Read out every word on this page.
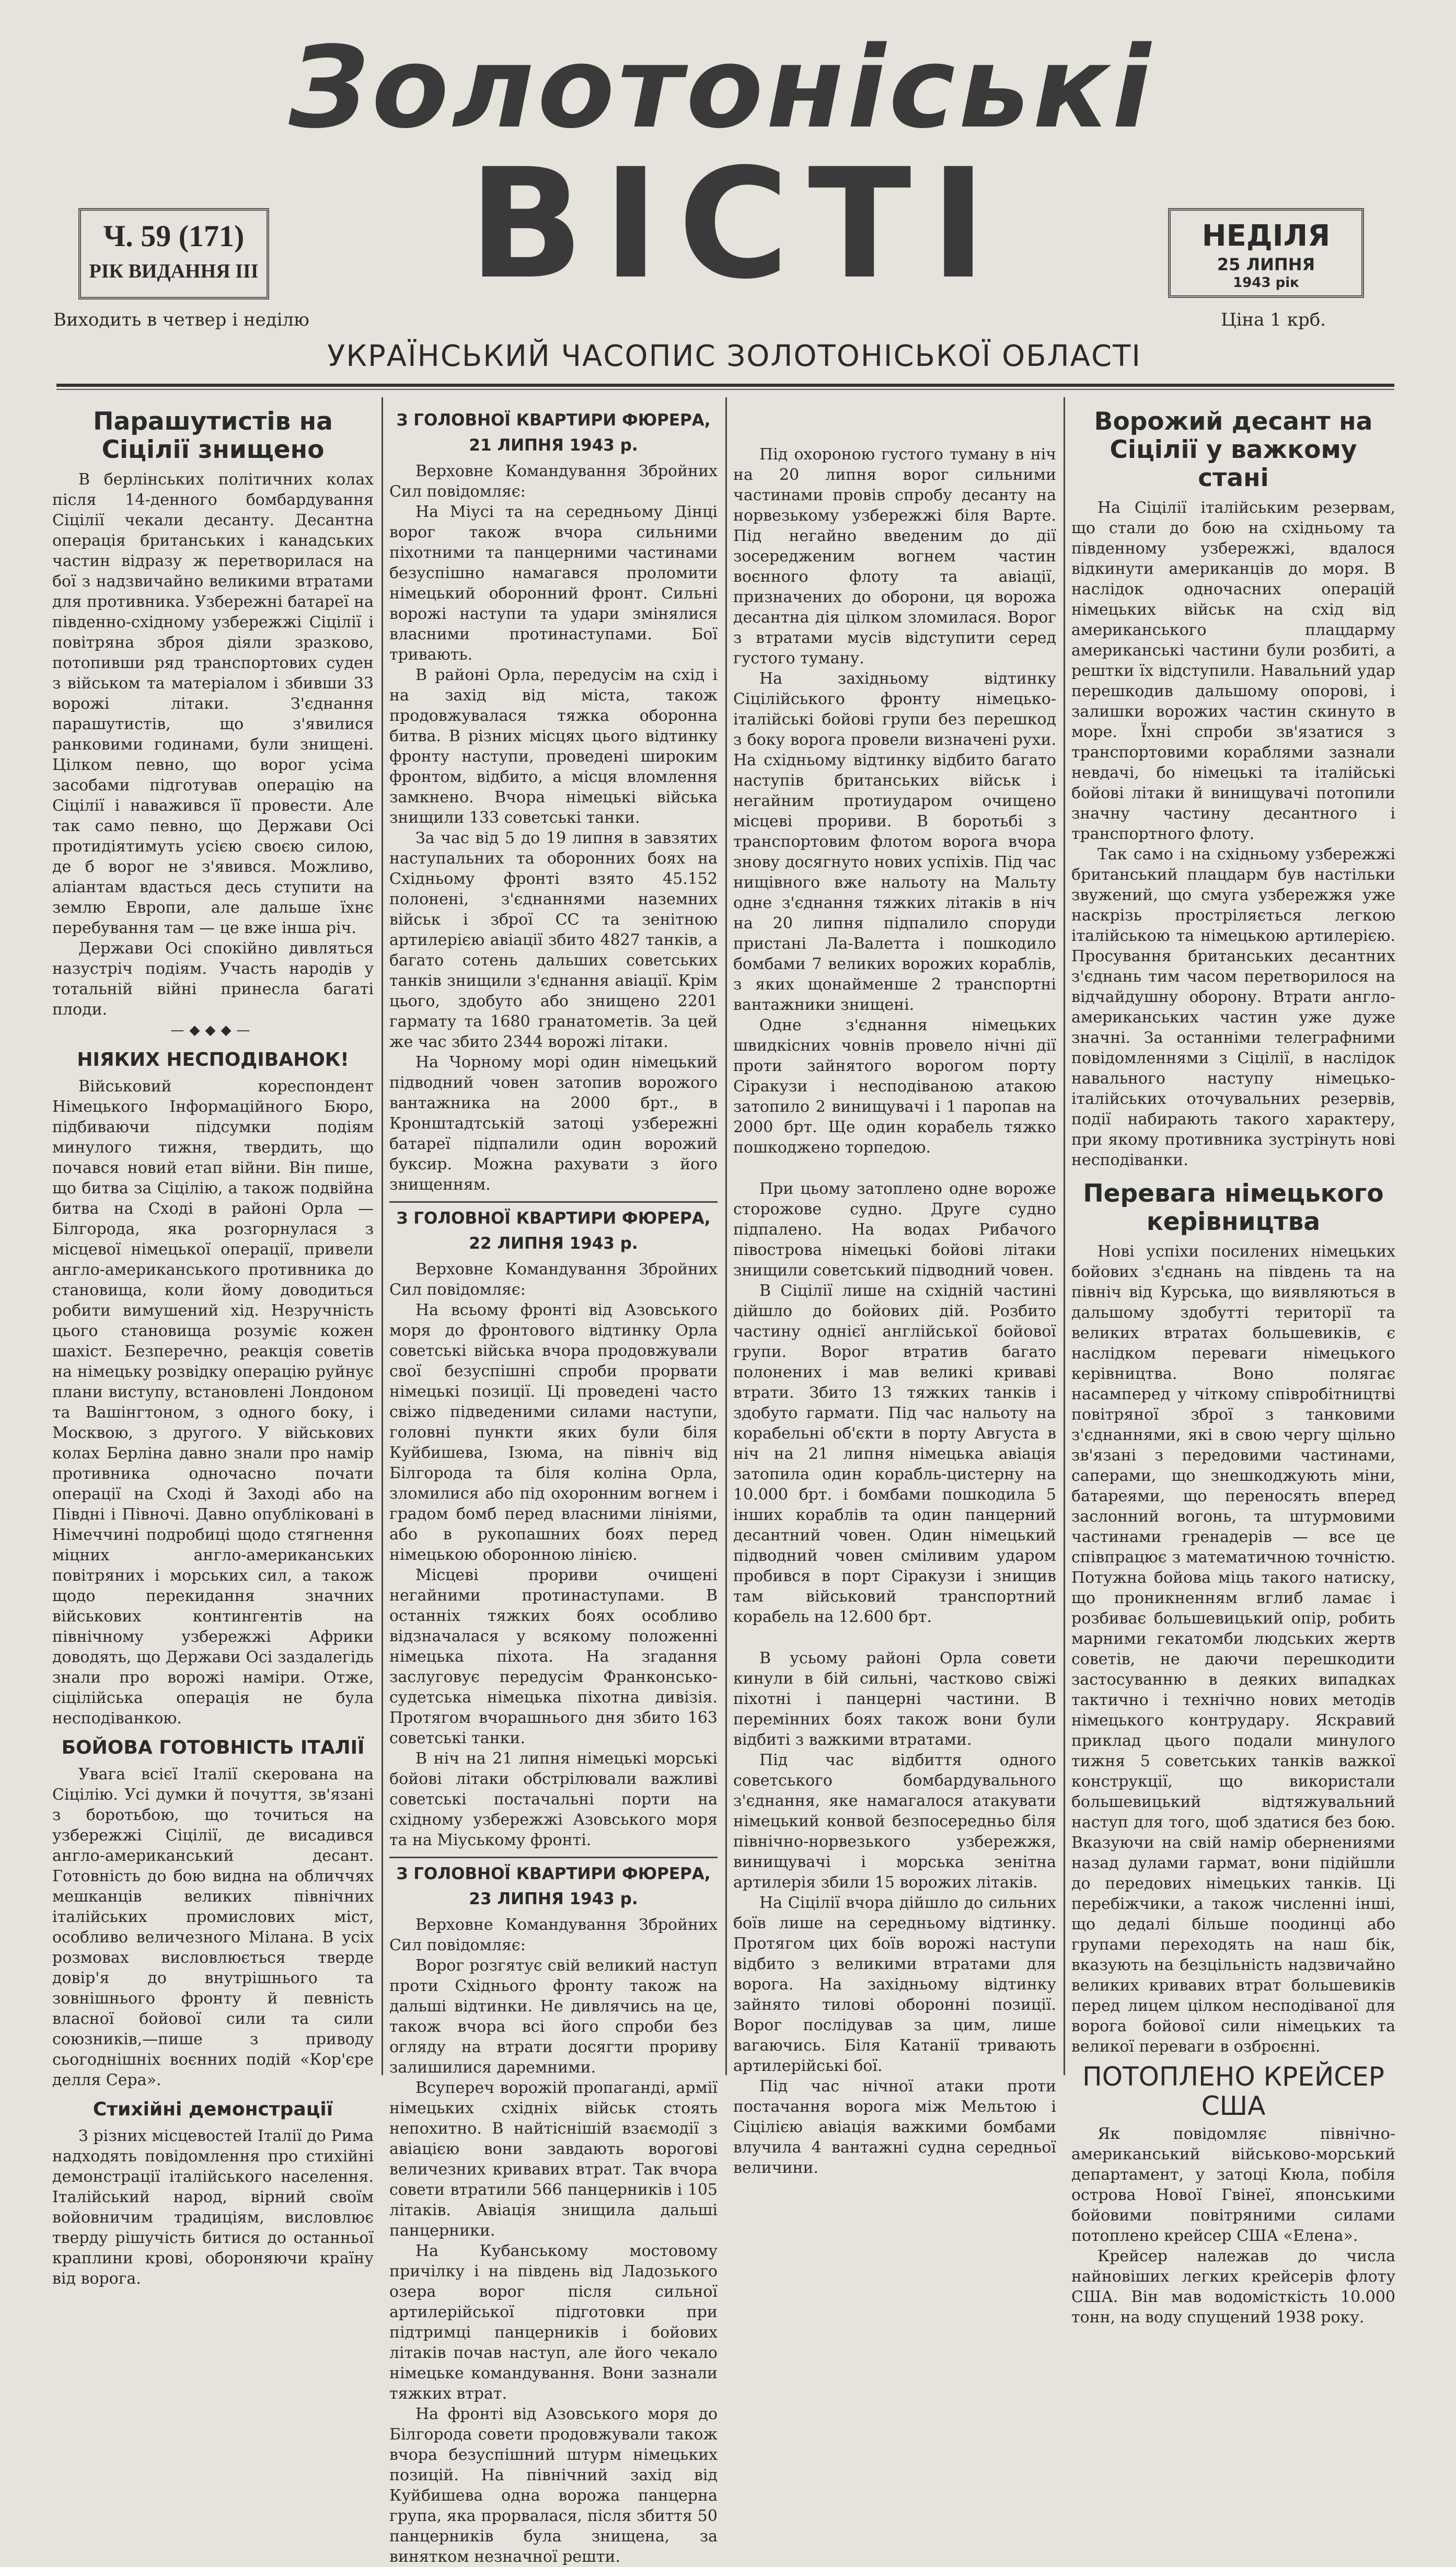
Золотоніські
ВІСТІ
Ч. 59 (171)
РІК ВИДАННЯ III
НЕДІЛЯ
25 ЛИПНЯ
1943 рік
Виходить в четвер і неділю	Ціна 1 крб.
УКРАЇНСЬКИЙ ЧАСОПИС ЗОЛОТОНІСЬКОЇ ОБЛАСТІ
Парашутистів на Сіцілії знищено

В берлінських політичних колах після 14-денного бомбардування Сіцілії чекали десанту. Десантна операція британських і канадських частин відразу ж перетворилася на бої з надзвичайно великими втратами для противника. Узбережні батареї на південно-східному узбережжі Сіцілії і повітряна зброя діяли зразково, потопивши ряд транспортових суден з військом та матеріалом і збивши 33 ворожі літаки. З'єднання парашутистів, що з'явилися ранковими годинами, були знищені. Цілком певно, що ворог усіма засобами підготував операцію на Сіцілії і наважився її провести. Але так само певно, що Держави Осі протидіятимуть усією своєю силою, де б ворог не з'явився. Можливо, аліантам вдасться десь ступити на землю Европи, але дальше їхнє перебування там — це вже інша річ.

Держави Осі спокійно дивляться назустріч подіям. Участь народів у тотальній війні принесла багаті плоди.

—◆◆◆—
НІЯКИХ НЕСПОДІВАНОК!

Військовий кореспондент Німецького Інформаційного Бюро, підбиваючи підсумки подіям минулого тижня, твердить, що почався новий етап війни. Він пише, що битва за Сіцілію, а також подвійна битва на Сході в районі Орла — Білгорода, яка розгорнулася з місцевої німецької операції, привели англо-американського противника до становища, коли йому доводиться робити вимушений хід. Незручність цього становища розуміє кожен шахіст. Безперечно, реакція советів на німецьку розвідку операцію руйнує плани виступу, встановлені Лондоном та Вашінгтоном, з одного боку, і Москвою, з другого. У військових колах Берліна давно знали про намір противника одночасно почати операції на Сході й Заході або на Півдні і Півночі. Давно опубліковані в Німеччині подробиці щодо стягнення міцних англо-американських повітряних і морських сил, а також щодо перекидання значних військових контингентів на північному узбережжі Африки доводять, що Держави Осі заздалегідь знали про ворожі наміри. Отже, сіцілійська операція не була несподіванкою.

БОЙОВА ГОТОВНІСТЬ ІТАЛІЇ

Увага всієї Італії скерована на Сіцілію. Усі думки й почуття, зв'язані з боротьбою, що точиться на узбережжі Сіцілії, де висадився англо-американський десант. Готовність до бою видна на обличчях мешканців великих північних італійських промислових міст, особливо величезного Мілана. В усіх розмовах висловлюється тверде довір'я до внутрішнього та зовнішнього фронту й певність власної бойової сили та сили союзників,—пише з приводу сьогоднішніх воєнних подій «Кор'єре делля Сера».

Стихійні демонстрації

З різних місцевостей Італії до Рима надходять повідомлення про стихійні демонстрації італійського населення. Італійський народ, вірний своїм войовничим традиціям, висловлює тверду рішучість битися до останньої краплини крові, обороняючи країну від ворога.

З ГОЛОВНОЇ КВАРТИРИ ФЮРЕРА, 21 ЛИПНЯ 1943 р.

Верховне Командування Збройних Сил повідомляє:

На Міусі та на середньому Дінці ворог також вчора сильними піхотними та панцерними частинами безуспішно намагався проломити німецький оборонний фронт. Сильні ворожі наступи та удари змінялися власними протинаступами. Бої тривають.

В районі Орла, передусім на схід і на захід від міста, також продовжувалася тяжка оборонна битва. В різних місцях цього відтинку фронту наступи, проведені широким фронтом, відбито, а місця вломлення замкнено. Вчора німецькі війська знищили 133 советські танки.

За час від 5 до 19 липня в завзятих наступальних та оборонних боях на Східньому фронті взято 45.152 полонені, з'єднаннями наземних військ і зброї СС та зенітною артилерією авіації збито 4827 танків, а багато сотень дальших советських танків знищили з'єднання авіації. Крім цього, здобуто або знищено 2201 гармату та 1680 гранатометів. За цей же час збито 2344 ворожі літаки.

На Чорному морі один німецький підводний човен затопив ворожого вантажника на 2000 брт., в Кронштадтській затоці узбережні батареї підпалили один ворожий буксир. Можна рахувати з його знищенням.

З ГОЛОВНОЇ КВАРТИРИ ФЮРЕРА, 22 ЛИПНЯ 1943 р.

Верховне Командування Збройних Сил повідомляє:

На всьому фронті від Азовського моря до фронтового відтинку Орла советські війська вчора продовжували свої безуспішні спроби прорвати німецькі позиції. Ці проведені часто свіжо підведеними силами наступи, головні пункти яких були біля Куйбишева, Ізюма, на північ від Білгорода та біля коліна Орла, зломилися або під охоронним вогнем і градом бомб перед власними лініями, або в рукопашних боях перед німецькою оборонною лінією.

Місцеві прориви очищені негайними протинаступами. В останніх тяжких боях особливо відзначалася у всякому положенні німецька піхота. На згадання заслуговує передусім Франконсько-судетська німецька піхотна дивізія. Протягом вчорашнього дня збито 163 советські танки.

В ніч на 21 липня німецькі морські бойові літаки обстрілювали важливі советські постачальні порти на східному узбережжі Азовського моря та на Міуському фронті.

З ГОЛОВНОЇ КВАРТИРИ ФЮРЕРА, 23 ЛИПНЯ 1943 р.

Верховне Командування Збройних Сил повідомляє:

Ворог розгятує свій великий наступ проти Східнього фронту також на дальші відтинки. Не дивлячись на це, також вчора всі його спроби без огляду на втрати досягти прориву залишилися даремними.

Всупереч ворожій пропаганді, армії німецьких східніх військ стоять непохитно. В найтіснішій взаємодії з авіацією вони завдають ворогові величезних кривавих втрат. Так вчора совети втратили 566 панцерників і 105 літаків. Авіація знищила дальші панцерники.

На Кубанському мостовому причілку і на південь від Ладозького озера ворог після сильної артилерійської підготовки при підтримці панцерників і бойових літаків почав наступ, але його чекало німецьке командування. Вони зазнали тяжких втрат.

На фронті від Азовського моря до Білгорода совети продовжували також вчора безуспішний штурм німецьких позицій. На північний захід від Куйбишева одна ворожа панцерна група, яка прорвалася, після збиття 50 панцерників була знищена, за винятком незначної решти.

Під охороною густого туману в ніч на 20 липня ворог сильними частинами провів спробу десанту на норвезькому узбережжі біля Варте. Під негайно введеним до дії зосередженим вогнем частин воєнного флоту та авіації, призначених до оборони, ця ворожа десантна дія цілком зломилася. Ворог з втратами мусів відступити серед густого туману.

На західньому відтинку Сіцілійського фронту німецько-італійські бойові групи без перешкод з боку ворога провели визначені рухи. На східньому відтинку відбито багато наступів британських військ і негайним протиударом очищено місцеві прориви. В боротьбі з транспортовим флотом ворога вчора знову досягнуто нових успіхів. Під час нищівного вже нальоту на Мальту одне з'єднання тяжких літаків в ніч на 20 липня підпалило споруди пристані Ла-Валетта і пошкодило бомбами 7 великих ворожих кораблів, з яких щонайменше 2 транспортні вантажники знищені.

Одне з'єднання німецьких швидкісних човнів провело нічні дії проти зайнятого ворогом порту Сіракузи і несподіваною атакою затопило 2 винищувачі і 1 паропав на 2000 брт. Ще один корабель тяжко пошкоджено торпедою.

При цьому затоплено одне ворожe сторожове судно. Друге судно підпалено. На водах Рибачого півострова німецькі бойові літаки знищили советський підводний човен.

В Сіцілії лише на східній частині дійшло до бойових дій. Розбито частину однієї англійської бойової групи. Ворог втратив багато полонених і мав великі криваві втрати. Збито 13 тяжких танків і здобуто гармати. Під час нальоту на корабельні об'єкти в порту Августа в ніч на 21 липня німецька авіація затопила один корабль-цистерну на 10.000 брт. і бомбами пошкодила 5 інших кораблів та один панцерний десантний човен. Один німецький підводний човен сміливим ударом пробився в порт Сіракузи і знищив там військовий транспортний корабель на 12.600 брт.

В усьому районі Орла совети кинули в бій сильні, частково свіжі піхотні і панцерні частини. В перемінних боях також вони були відбиті з важкими втратами.

Під час відбиття одного советського бомбардувального з'єднання, яке намагалося атакувати німецький конвой безпосередньо біля північно-норвезького узбережжя, винищувачі і морська зенітна артилерія збили 15 ворожих літаків.

На Сіцілії вчора дійшло до сильних боїв лише на середньому відтинку. Протягом цих боїв ворожі наступи відбито з великими втратами для ворога. На західньому відтинку зайнято тилові оборонні позиції. Ворог послідував за цим, лише вагаючись. Біля Катанії тривають артилерійські бої.

Під час нічної атаки проти постачання ворога між Мельтою і Сіцілією авіація важкими бомбами влучила 4 вантажні судна середньої величини.

Ворожий десант на Сіцілії у важкому стані

На Сіцілії італійським резервам, що стали до бою на східньому та південному узбережжі, вдалося відкинути американців до моря. В наслідок одночасних операцій німецьких військ на схід від американського плацдарму американські частини були розбиті, а рештки їх відступили. Навальний удар перешкодив дальшому опорові, і залишки ворожих частин скинуто в море. Їхні спроби зв'язатися з транспортовими кораблями зазнали невдачі, бо німецькі та італійські бойові літаки й винищувачі потопили значну частину десантного і транспортного флоту.

Так само і на східньому узбережжі британський плацдарм був настільки звужений, що смуга узбережжя уже наскрізь простріляється легкою італійською та німецькою артилерією. Просування британських десантних з'єднань тим часом перетворилося на відчайдушну оборону. Втрати англо-американських частин уже дуже значні. За останніми телеграфними повідомленнями з Сіцілії, в наслідок навального наступу німецько-італійських оточувальних резервів, події набирають такого характеру, при якому противника зустрінуть нові несподіванки.

Перевага німецького керівництва

Нові успіхи посилених німецьких бойових з'єднань на південь та на північ від Курська, що виявляються в дальшому здобутті території та великих втратах большевиків, є наслідком переваги німецького керівництва. Воно полягає насамперед у чіткому співробітництві повітряної зброї з танковими з'єднаннями, які в свою чергу щільно зв'язані з передовими частинами, саперами, що знешкоджують міни, батареями, що переносять вперед заслонний вогонь, та штурмовими частинами гренадерів — все це співпрацює з математичною точністю. Потужна бойова міць такого натиску, що проникненням вглиб ламає і розбиває большевицький опір, робить марними гекатомби людських жертв советів, не даючи перешкодити застосуванню в деяких випадках тактично і технічно нових методів німецького контрудару. Яскравий приклад цього подали минулого тижня 5 советських танків важкої конструкції, що використали большевицький відтяжувальний наступ для того, щоб здатися без бою. Вказуючи на свій намір обернениями назад дулами гармат, вони підійшли до передових німецьких танків. Ці перебіжчики, а також численні інші, що дедалі більше поодинці або групами переходять на наш бік, вказують на безцільність надзвичайно великих кривавих втрат большевиків перед лицем цілком несподіваної для ворога бойової сили німецьких та великої переваги в озброєнні.

ПОТОПЛЕНО КРЕЙСЕР США

Як повідомляє північно-американський військово-морський департамент, у затоці Кюла, побіля острова Нової Гвінеї, японськими бойовими повітряними силами потоплено крейсер США «Елена».

Крейсер належав до числа найновіших легких крейсерів флоту США. Він мав водомісткість 10.000 тонн, на воду спущений 1938 року.
